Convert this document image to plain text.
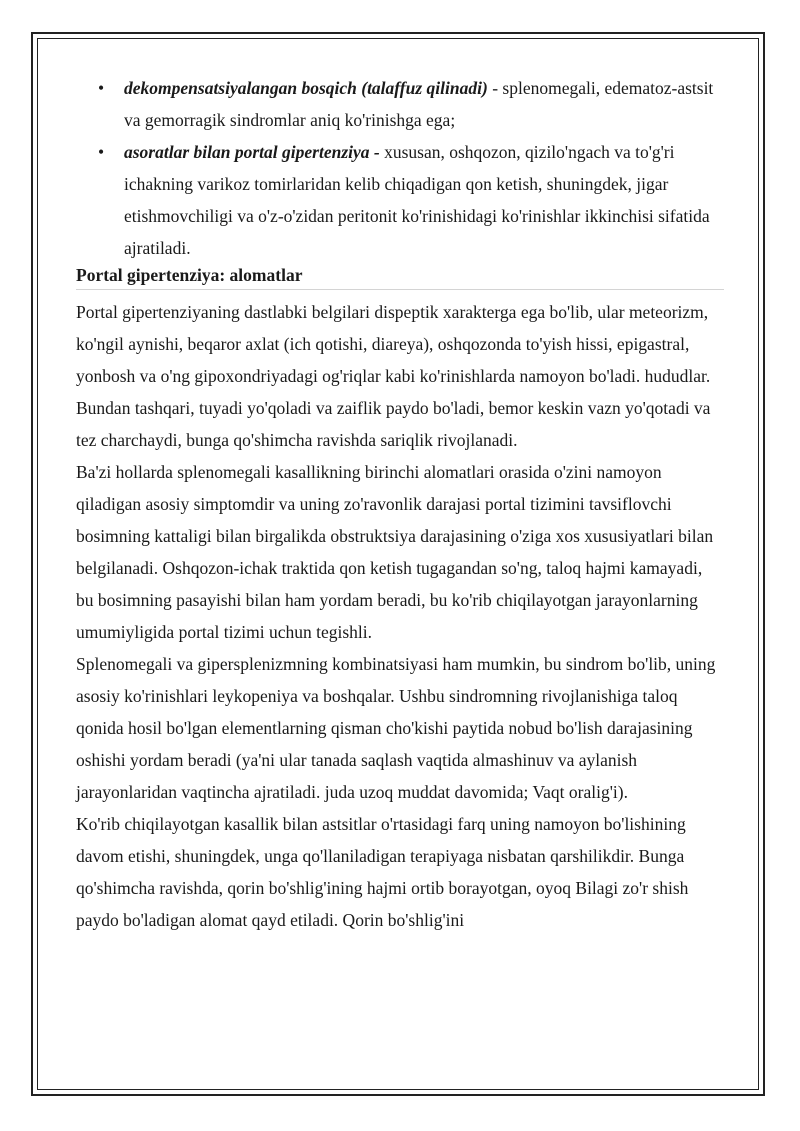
• dekompensatsiyalangan bosqich (talaffuz qilinadi) - splenomegali, edematoz-astsit va gemorragik sindromlar aniq ko'rinishga ega;
• asoratlar bilan portal gipertenziya - xususan, oshqozon, qizilo'ngach va to'g'ri ichakning varikoz tomirlaridan kelib chiqadigan qon ketish, shuningdek, jigar etishmovchiligi va o'z-o'zidan peritonit ko'rinishidagi ko'rinishlar ikkinchisi sifatida ajratiladi.
Portal gipertenziya: alomatlar

Portal gipertenziyaning dastlabki belgilari dispeptik xarakterga ega bo'lib, ular meteorizm, ko'ngil aynishi, beqaror axlat (ich qotishi, diareya), oshqozonda to'yish hissi, epigastral, yonbosh va o'ng gipoxondriyadagi og'riqlar kabi ko'rinishlarda namoyon bo'ladi. hududlar. Bundan tashqari, tuyadi yo'qoladi va zaiflik paydo bo'ladi, bemor keskin vazn yo'qotadi va tez charchaydi, bunga qo'shimcha ravishda sariqlik rivojlanadi.

Ba'zi hollarda splenomegali kasallikning birinchi alomatlari orasida o'zini namoyon qiladigan asosiy simptomdir va uning zo'ravonlik darajasi portal tizimini tavsiflovchi bosimning kattaligi bilan birgalikda obstruktsiya darajasining o'ziga xos xususiyatlari bilan belgilanadi. Oshqozon-ichak traktida qon ketish tugagandan so'ng, taloq hajmi kamayadi, bu bosimning pasayishi bilan ham yordam beradi, bu ko'rib chiqilayotgan jarayonlarning umumiyligida portal tizimi uchun tegishli.

Splenomegali va gipersplenizmning kombinatsiyasi ham mumkin, bu sindrom bo'lib, uning asosiy ko'rinishlari leykopeniya va boshqalar. Ushbu sindromning rivojlanishiga taloq qonida hosil bo'lgan elementlarning qisman cho'kishi paytida nobud bo'lish darajasining oshishi yordam beradi (ya'ni ular tanada saqlash vaqtida almashinuv va aylanish jarayonlaridan vaqtincha ajratiladi. juda uzoq muddat davomida; Vaqt oralig'i).

Ko'rib chiqilayotgan kasallik bilan astsitlar o'rtasidagi farq uning namoyon bo'lishining davom etishi, shuningdek, unga qo'llaniladigan terapiyaga nisbatan qarshilikdir. Bunga qo'shimcha ravishda, qorin bo'shlig'ining hajmi ortib borayotgan, oyoq Bilagi zo'r shish paydo bo'ladigan alomat qayd etiladi. Qorin bo'shlig'ini
